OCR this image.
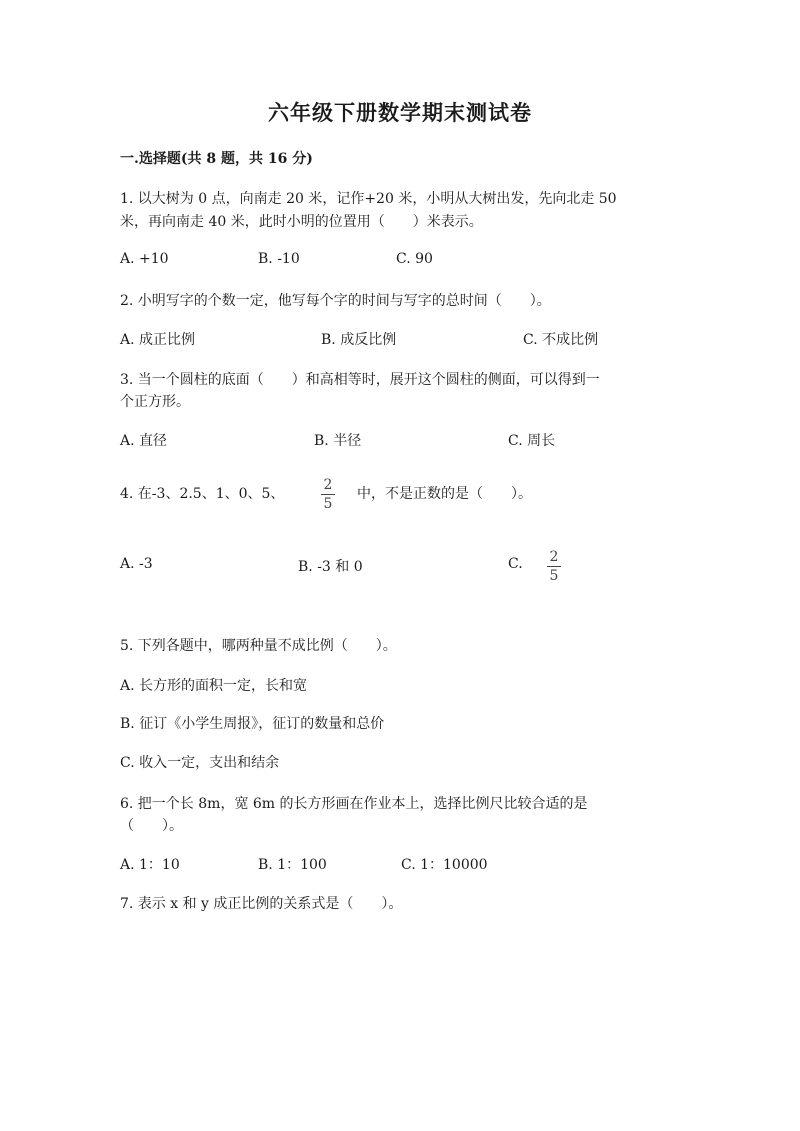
六年级下册数学期末测试卷
一.选择题(共 8 题，共 16 分)
1. 以大树为 0 点，向南走 20 米，记作+20 米，小明从大树出发，先向北走 50
米，再向南走 40 米，此时小明的位置用（　　）米表示。
A. +10	B. -10	C. 90
2. 小明写字的个数一定，他写每个字的时间与写字的总时间（　　）。
A. 成正比例	B. 成反比例	C. 不成比例
3. 当一个圆柱的底面（　　）和高相等时，展开这个圆柱的侧面，可以得到一
个正方形。
A. 直径	B. 半径	C. 周长
4. 在-3、2.5、1、0、5、
2
5
中，不是正数的是（　　）。
A. -3	B. -3 和 0	C. 2
5
5. 下列各题中，哪两种量不成比例（　　）。
A. 长方形的面积一定，长和宽
B. 征订《小学生周报》，征订的数量和总价
C. 收入一定，支出和结余
6. 把一个长 8m，宽 6m 的长方形画在作业本上，选择比例尺比较合适的是
（　　）。
A. 1：10	B. 1：100	C. 1：10000
7. 表示 x 和 y 成正比例的关系式是（　　）。
